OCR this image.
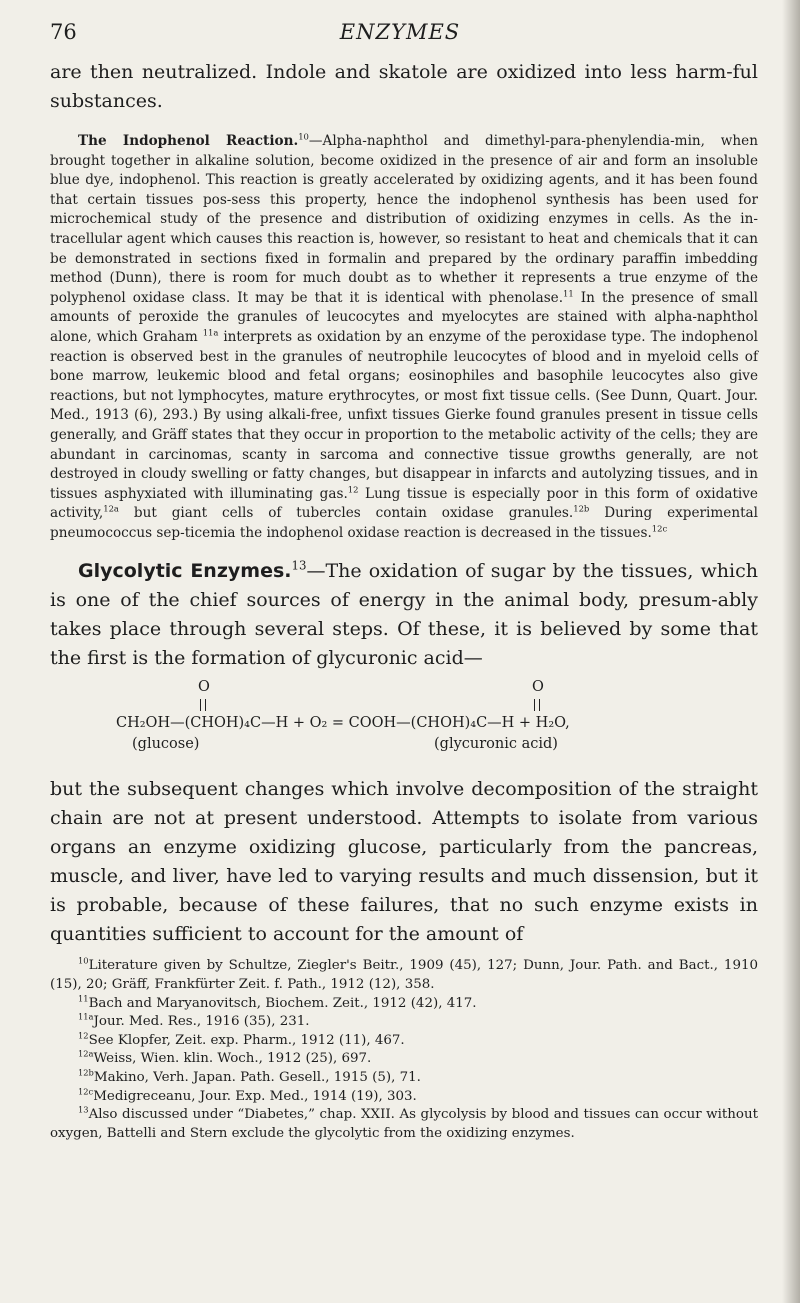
76	ENZYMES

are then neutralized. Indole and skatole are oxidized into less harm-ful substances.

The Indophenol Reaction.$^{10}$—Alpha-naphthol and dimethyl-para-phenylendia-min, when brought together in alkaline solution, become oxidized in the presence of air and form an insoluble blue dye, indophenol. This reaction is greatly accelerated by oxidizing agents, and it has been found that certain tissues pos-sess this property, hence the indophenol synthesis has been used for microchemical study of the presence and distribution of oxidizing enzymes in cells. As the in-tracellular agent which causes this reaction is, however, so resistant to heat and chemicals that it can be demonstrated in sections fixed in formalin and prepared by the ordinary paraffin imbedding method (Dunn), there is room for much doubt as to whether it represents a true enzyme of the polyphenol oxidase class. It may be that it is identical with phenolase.$^{11}$ In the presence of small amounts of peroxide the granules of leucocytes and myelocytes are stained with alpha-naphthol alone, which Graham $^{11a}$ interprets as oxidation by an enzyme of the peroxidase type. The indophenol reaction is observed best in the granules of neutrophile leucocytes of blood and in myeloid cells of bone marrow, leukemic blood and fetal organs; eosinophiles and basophile leucocytes also give reactions, but not lymphocytes, mature erythrocytes, or most fixt tissue cells. (See Dunn, Quart. Jour. Med., 1913 (6), 293.) By using alkali-free, unfixt tissues Gierke found granules present in tissue cells generally, and Gräff states that they occur in proportion to the metabolic activity of the cells; they are abundant in carcinomas, scanty in sarcoma and connective tissue growths generally, are not destroyed in cloudy swelling or fatty changes, but disappear in infarcts and autolyzing tissues, and in tissues asphyxiated with illuminating gas.$^{12}$ Lung tissue is especially poor in this form of oxidative activity,$^{12a}$ but giant cells of tubercles contain oxidase granules.$^{12b}$ During experimental pneumococcus sep-ticemia the indophenol oxidase reaction is decreased in the tissues.$^{12c}$

Glycolytic Enzymes.$^{13}$—The oxidation of sugar by the tissues, which is one of the chief sources of energy in the animal body, presum-ably takes place through several steps. Of these, it is believed by some that the first is the formation of glycuronic acid—

O	O
CH₂OH—(CHOH)₄C—H + O₂ = COOH—(CHOH)₄C—H + H₂O,
(glucose)	(glycuronic acid)

but the subsequent changes which involve decomposition of the straight chain are not at present understood. Attempts to isolate from various organs an enzyme oxidizing glucose, particularly from the pancreas, muscle, and liver, have led to varying results and much dissension, but it is probable, because of these failures, that no such enzyme exists in quantities sufficient to account for the amount of

$^{10}$Literature given by Schultze, Ziegler's Beitr., 1909 (45), 127; Dunn, Jour. Path. and Bact., 1910 (15), 20; Gräff, Frankfürter Zeit. f. Path., 1912 (12), 358.

$^{11}$Bach and Maryanovitsch, Biochem. Zeit., 1912 (42), 417.

$^{11a}$Jour. Med. Res., 1916 (35), 231.

$^{12}$See Klopfer, Zeit. exp. Pharm., 1912 (11), 467.

$^{12a}$Weiss, Wien. klin. Woch., 1912 (25), 697.

$^{12b}$Makino, Verh. Japan. Path. Gesell., 1915 (5), 71.

$^{12c}$Medigreceanu, Jour. Exp. Med., 1914 (19), 303.

$^{13}$Also discussed under “Diabetes,” chap. XXII. As glycolysis by blood and tissues can occur without oxygen, Battelli and Stern exclude the glycolytic from the oxidizing enzymes.
